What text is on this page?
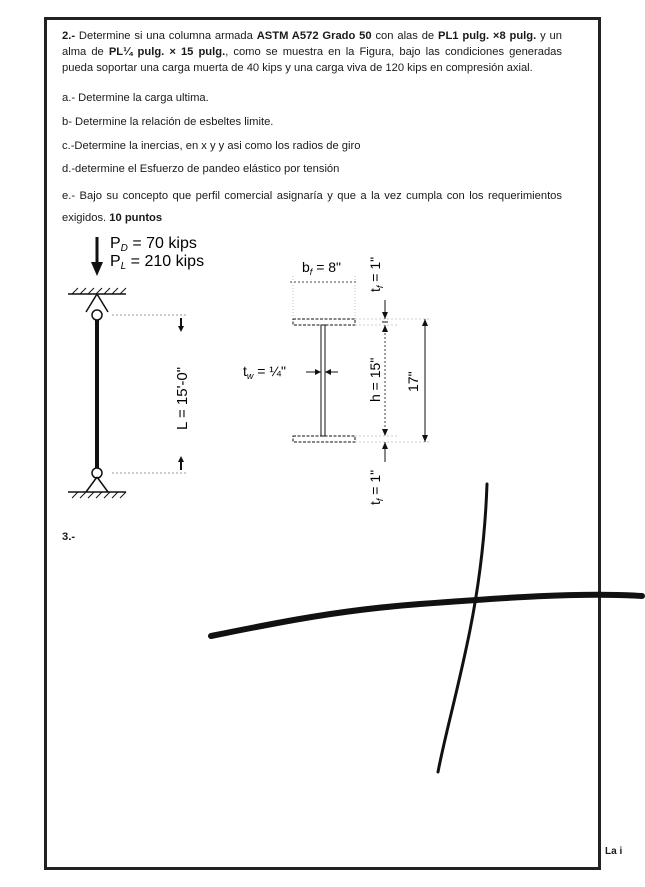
2.- Determine si una columna armada ASTM A572 Grado 50 con alas de PL1 pulg. ×8 pulg. y un alma de PL¼ pulg. × 15 pulg., como se muestra en la Figura, bajo las condiciones generadas pueda soportar una carga muerta de 40 kips y una carga viva de 120 kips en compresión axial.
a.- Determine la carga ultima.
b- Determine la relación de esbeltes limite.
c.-Determine la inercias, en x y y asi como los radios de giro
d.-determine el Esfuerzo de pandeo elástico por tensión
e.- Bajo su concepto que perfil comercial asignaría y que a la vez cumpla con los requerimientos exigidos. 10 puntos
PD = 70 kips
PL = 210 kips
L = 15'-0"
$b_f = 8$"
$t_f = 1$"
h = 15" 17"
$t_f = 1$"
$t_w$ = ¼"
3.-
La i
